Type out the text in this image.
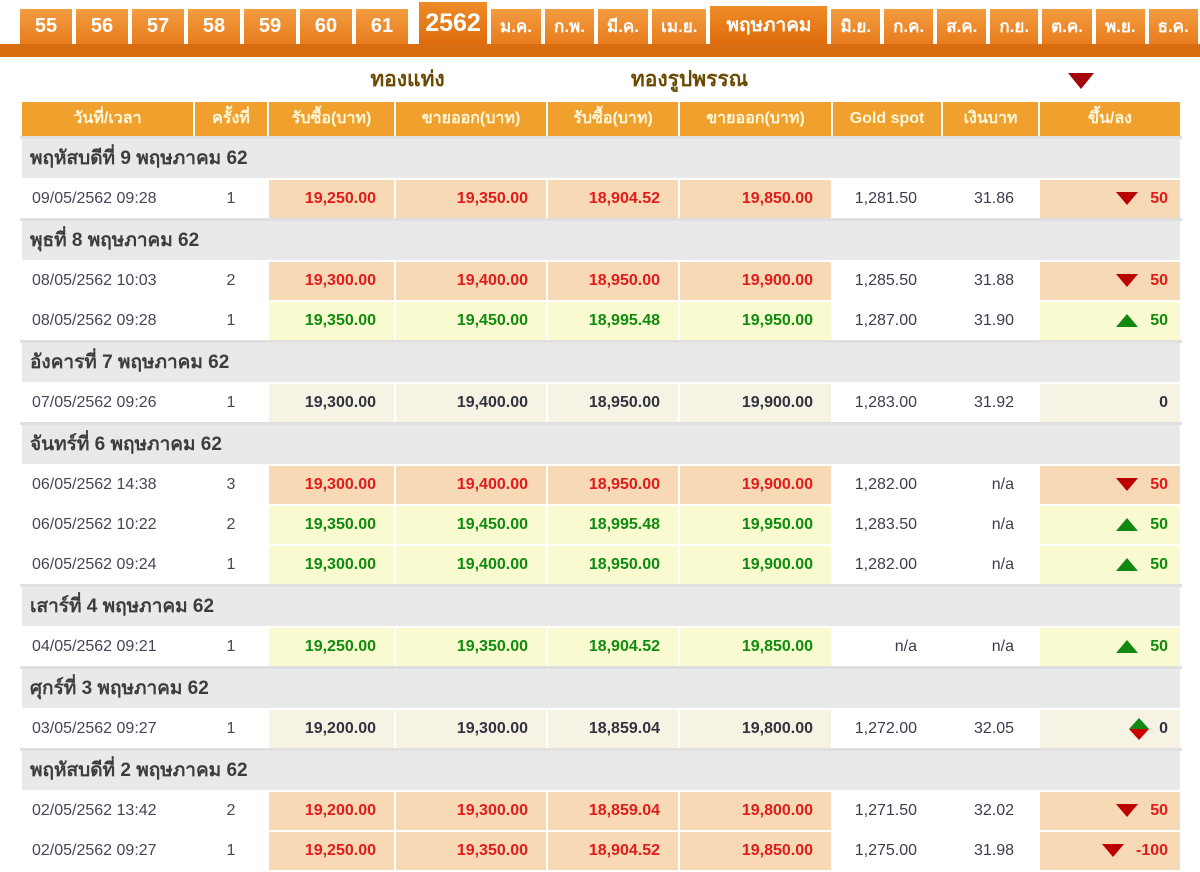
55	56	57	58	59	60	61	2562	ม.ค.	ก.พ.	มี.ค.	เม.ย.	พฤษภาคม	มิ.ย.	ก.ค.	ส.ค.	ก.ย.	ต.ค.	พ.ย.	ธ.ค.
		ทองแท่ง		ทองรูปพรรณ				-100
วันที่/เวลา	ครั้งที่	รับซื้อ(บาท)	ขายออก(บาท)	รับซื้อ(บาท)	ขายออก(บาท)	Gold spot	เงินบาท	ขึ้น/ลง
พฤหัสบดีที่ 9 พฤษภาคม 62								
09/05/2562 09:28	1	19,250.00	19,350.00	18,904.52	19,850.00	1,281.50	31.86	50
พุธที่ 8 พฤษภาคม 62								
08/05/2562 10:03	2	19,300.00	19,400.00	18,950.00	19,900.00	1,285.50	31.88	50
08/05/2562 09:28	1	19,350.00	19,450.00	18,995.48	19,950.00	1,287.00	31.90	50
อังคารที่ 7 พฤษภาคม 62								
07/05/2562 09:26	1	19,300.00	19,400.00	18,950.00	19,900.00	1,283.00	31.92	0
จันทร์ที่ 6 พฤษภาคม 62								
06/05/2562 14:38	3	19,300.00	19,400.00	18,950.00	19,900.00	1,282.00	n/a	50
06/05/2562 10:22	2	19,350.00	19,450.00	18,995.48	19,950.00	1,283.50	n/a	50
06/05/2562 09:24	1	19,300.00	19,400.00	18,950.00	19,900.00	1,282.00	n/a	50
เสาร์ที่ 4 พฤษภาคม 62								
04/05/2562 09:21	1	19,250.00	19,350.00	18,904.52	19,850.00	n/a	n/a	50
ศุกร์ที่ 3 พฤษภาคม 62								
03/05/2562 09:27	1	19,200.00	19,300.00	18,859.04	19,800.00	1,272.00	32.05	0
พฤหัสบดีที่ 2 พฤษภาคม 62								
02/05/2562 13:42	2	19,200.00	19,300.00	18,859.04	19,800.00	1,271.50	32.02	50
02/05/2562 09:27	1	19,250.00	19,350.00	18,904.52	19,850.00	1,275.00	31.98	-100
